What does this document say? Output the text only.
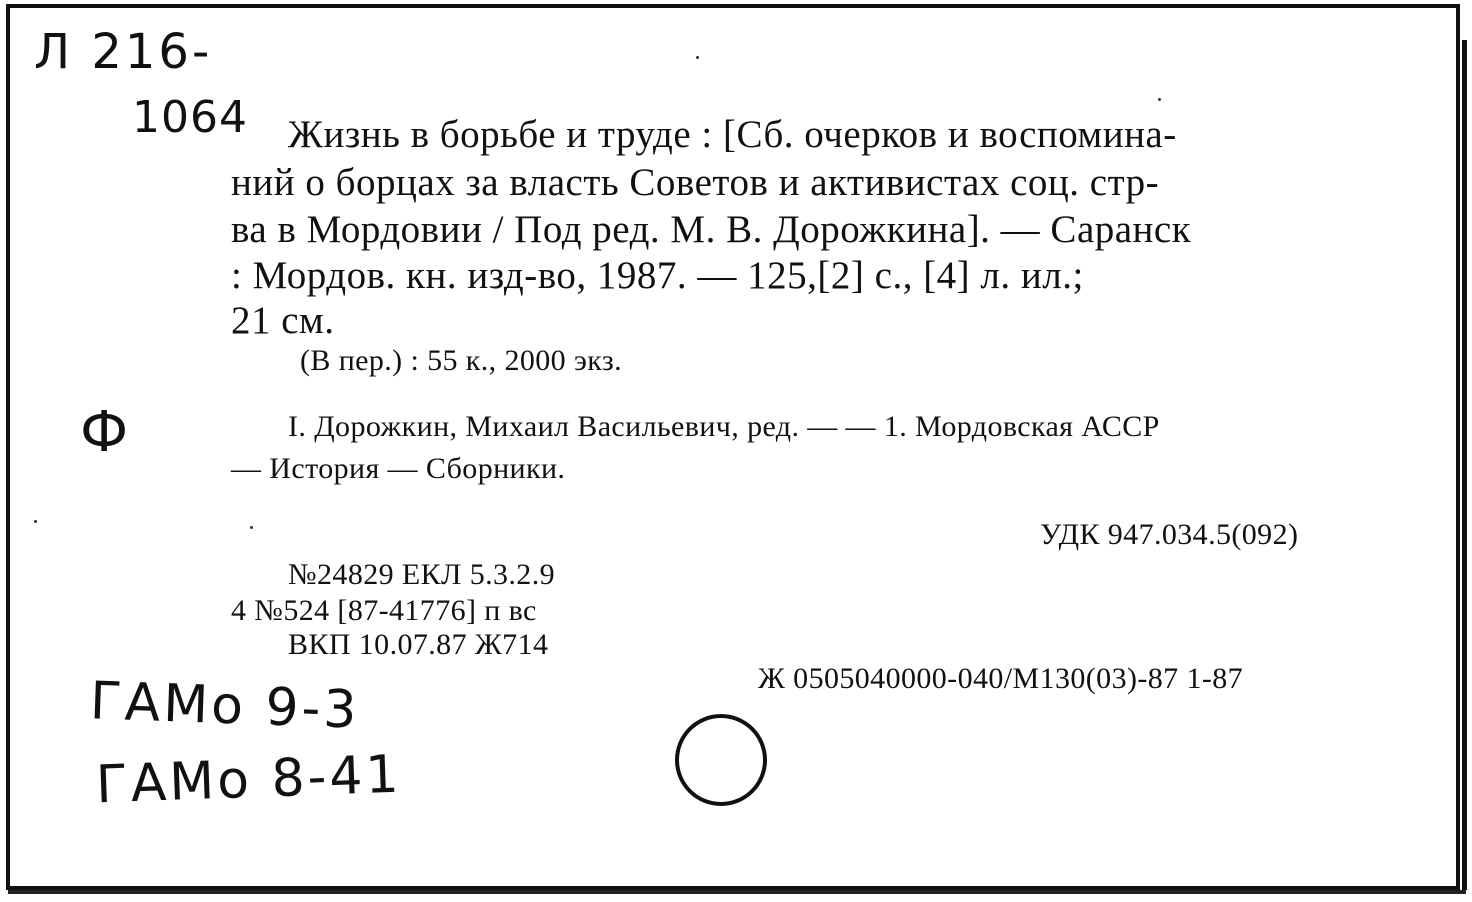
Л 216-
1064 Жизнь в борьбе и труде : [Сб. очерков и воспомина-
ний о борцах за власть Советов и активистах соц. стр-
ва в Мордовии / Под ред. М. В. Дорожкина]. — Саранск
: Мордов. кн. изд-во, 1987. — 125,[2] с., [4] л. ил.;
21 см.
(В пер.) : 55 к., 2000 экз.
Ф	I. Дорожкин, Михаил Васильевич, ред. — — 1. Мордовская АССР
— История — Сборники.
УДК 947.034.5(092)
№24829 ЕКЛ 5.3.2.9
4 №524 [87-41776] п вс
ВКП 10.07.87 Ж714
Ж 0505040000-040/М130(03)-87 1-87
ГАМо 9-3
ГАМо 8-41
